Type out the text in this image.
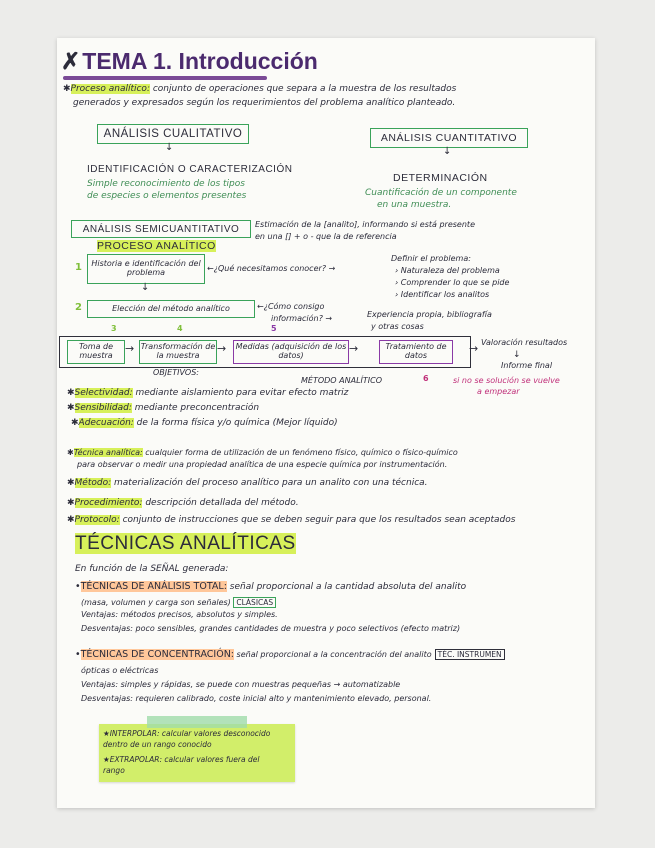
✗TEMA 1. Introducción
✱Proceso analítico: conjunto de operaciones que separa a la muestra de los resultados
generados y expresados según los requerimientos del problema analítico planteado.
ANÁLISIS CUALITATIVO	ANÁLISIS CUANTITATIVO
↓	↓
IDENTIFICACIÓN O CARACTERIZACIÓN
Simple reconocimiento de los tipos
de especies o elementos presentes
DETERMINACIÓN
Cuantificación de un componente
en una muestra.
ANÁLISIS SEMICUANTITATIVO	Estimación de la [analito], informando si está presente
en una [] + o - que la de referencia
PROCESO ANALÍTICO
1	Historia e identificación del problema	←¿Qué necesitamos conocer? →
Definir el problema:
› Naturaleza del problema
› Comprender lo que se pide
› Identificar los analitos
↓
2	Elección del método analítico	←¿Cómo consigo
información? →	Experiencia propia, bibliografía
y otras cosas
3	4	5
Toma de muestra
→ Transformación de la muestra
→	Medidas (adquisición de los datos)
→	Tratamiento de datos
→ Valoración resultados
↓
Informe final
si no se solución se vuelve
a empezar
6
OBJETIVOS:
MÉTODO ANALÍTICO
✱Selectividad: mediante aislamiento para evitar efecto matriz
✱Sensibilidad: mediante preconcentración
✱Adecuación: de la forma física y/o química (Mejor líquido)
✱Técnica analítica: cualquier forma de utilización de un fenómeno físico, químico o físico-químico
para observar o medir una propiedad analítica de una especie química por instrumentación.
✱Método: materialización del proceso analítico para un analito con una técnica.
✱Procedimiento: descripción detallada del método.
✱Protocolo: conjunto de instrucciones que se deben seguir para que los resultados sean aceptados
TÉCNICAS ANALÍTICAS
En función de la SEÑAL generada:
•TÉCNICAS DE ANÁLISIS TOTAL: señal proporcional a la cantidad absoluta del analito
(masa, volumen y carga son señales) CLÁSICAS
Ventajas: métodos precisos, absolutos y simples.
Desventajas: poco sensibles, grandes cantidades de muestra y poco selectivos (efecto matriz)
•TÉCNICAS DE CONCENTRACIÓN: señal proporcional a la concentración del analito TÉC. INSTRUMEN
ópticas o eléctricas
Ventajas: simples y rápidas, se puede con muestras pequeñas → automatizable
Desventajas: requieren calibrado, coste inicial alto y mantenimiento elevado, personal.
★INTERPOLAR: calcular valores desconocido
dentro de un rango conocido
★EXTRAPOLAR: calcular valores fuera del
rango
